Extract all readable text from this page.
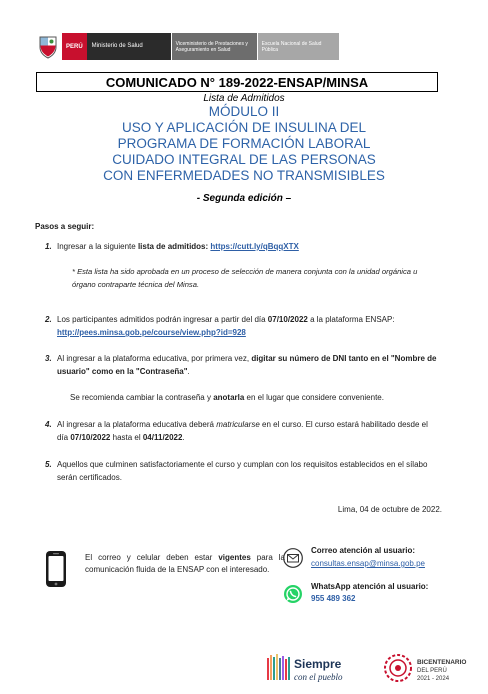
PERÚ	Ministerio de Salud	Viceministerio de Prestaciones y Aseguramiento en Salud
Escuela Nacional de Salud Pública
COMUNICADO N° 189-2022-ENSAP/MINSA
Lista de Admitidos
MÓDULO II
USO Y APLICACIÓN DE INSULINA DEL
PROGRAMA DE FORMACIÓN LABORAL
CUIDADO INTEGRAL DE LAS PERSONAS
CON ENFERMEDADES NO TRANSMISIBLES
- Segunda edición –
Pasos a seguir:
1. Ingresar a la siguiente lista de admitidos: https://cutt.ly/qBqqXTX
* Esta lista ha sido aprobada en un proceso de selección de manera conjunta con la unidad orgánica u órgano contraparte técnica del Minsa.
2. Los participantes admitidos podrán ingresar a partir del día 07/10/2022 a la plataforma ENSAP:    http://pees.minsa.gob.pe/course/view.php?id=928
3. Al ingresar a la plataforma educativa, por primera vez, digitar su número de DNI tanto en el "Nombre de usuario" como en la "Contraseña".
Se recomienda cambiar la contraseña y anotarla en el lugar que considere conveniente.
4. Al ingresar a la plataforma educativa deberá matricularse en el curso. El curso estará habilitado desde el día 07/10/2022 hasta el 04/11/2022.
5. Aquellos que culminen satisfactoriamente el curso y cumplan con los requisitos establecidos en el sílabo serán certificados.
Lima, 04 de octubre de 2022.
El correo y celular deben estar vigentes para la comunicación fluida de la ENSAP con el interesado.
Correo atención al usuario:
consultas.ensap@minsa.gob.pe
WhatsApp atención al usuario:
955 489 362
Siempre
con el pueblo
BICENTENARIO
DEL PERÚ
2021 - 2024
